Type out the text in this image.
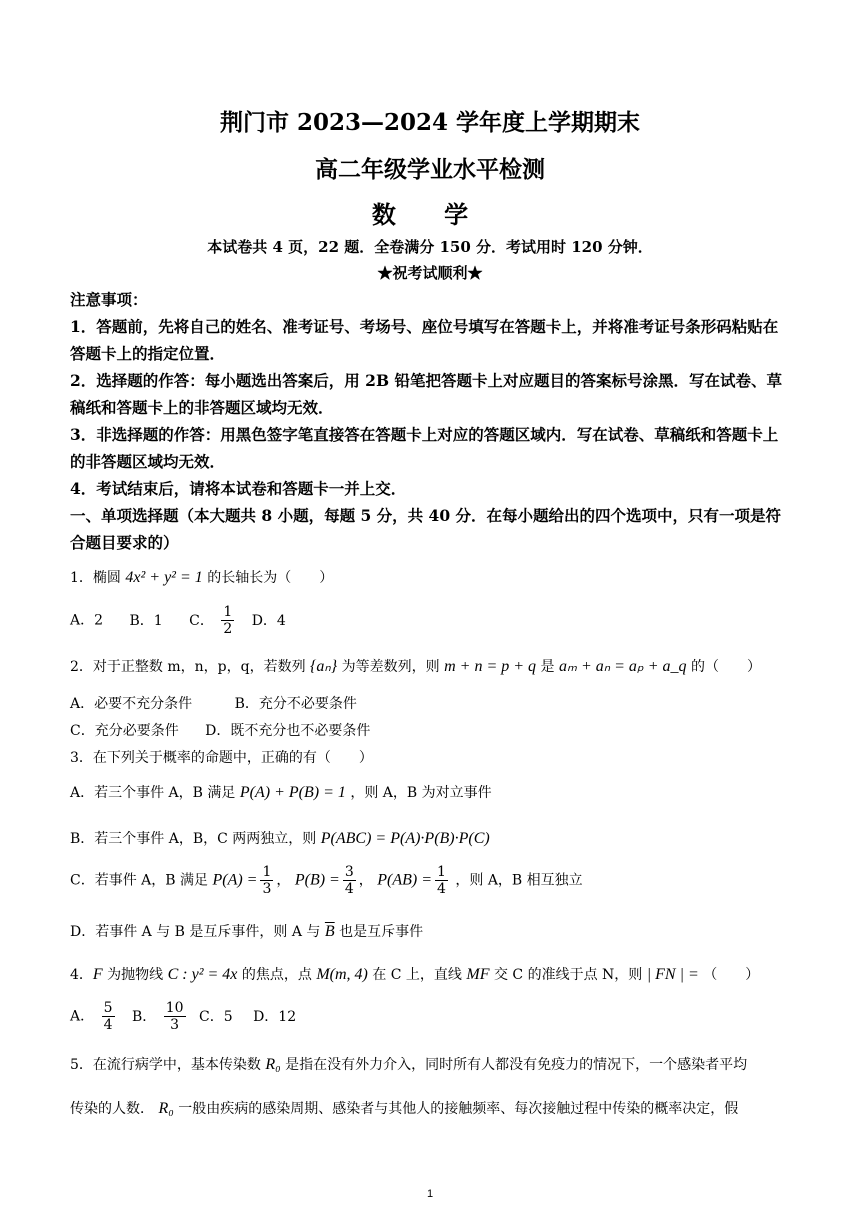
荆门市 2023—2024 学年度上学期期末
高二年级学业水平检测
数 学
本试卷共 4 页，22 题．全卷满分 150 分．考试用时 120 分钟．
★祝考试顺利★
注意事项：
1．答题前，先将自己的姓名、准考证号、考场号、座位号填写在答题卡上，并将准考证号条形码粘贴在答题卡上的指定位置．
2．选择题的作答：每小题选出答案后，用 2B 铅笔把答题卡上对应题目的答案标号涂黑．写在试卷、草稿纸和答题卡上的非答题区域均无效．
3．非选择题的作答：用黑色签字笔直接答在答题卡上对应的答题区域内．写在试卷、草稿纸和答题卡上的非答题区域均无效．
4．考试结束后，请将本试卷和答题卡一并上交．
一、单项选择题（本大题共 8 小题，每题 5 分，共 40 分．在每小题给出的四个选项中，只有一项是符合题目要求的）
1．椭圆 4x² + y² = 1 的长轴长为（　　）
A．2 B．1 C． $\frac{1}{2}$ D．4
2．对于正整数 m，n，p，q，若数列 {aₙ} 为等差数列，则 m + n = p + q 是 aₘ + aₙ = aₚ + a_q 的（　　）
A．必要不充分条件	B．充分不必要条件
C．充分必要条件 D．既不充分也不必要条件
3．在下列关于概率的命题中，正确的有（　　）
A．若三个事件 A，B 满足 P(A) + P(B) = 1 ，则 A，B 为对立事件
B．若三个事件 A，B，C 两两独立，则 P(ABC) = P(A)·P(B)·P(C)
C．若事件 A，B 满足 $P(A) = \frac{1}{3}$ ， $P(B) = \frac{3}{4}$ ， $P(AB) = \frac{1}{4}$ ，则 A，B 相互独立
D．若事件 A 与 B 是互斥事件，则 A 与 $\overline{B}$ 也是互斥事件
4．F 为抛物线 C : y² = 4x 的焦点，点 M(m, 4) 在 C 上，直线 MF 交 C 的准线于点 N，则 | FN | = （　　）
A． $\frac{5}{4}$ B． $\frac{10}{3}$ C．5 D．12
5．在流行病学中，基本传染数 R₀ 是指在没有外力介入，同时所有人都没有免疫力的情况下，一个感染者平均
传染的人数． R₀ 一般由疾病的感染周期、感染者与其他人的接触频率、每次接触过程中传染的概率决定，假
1
